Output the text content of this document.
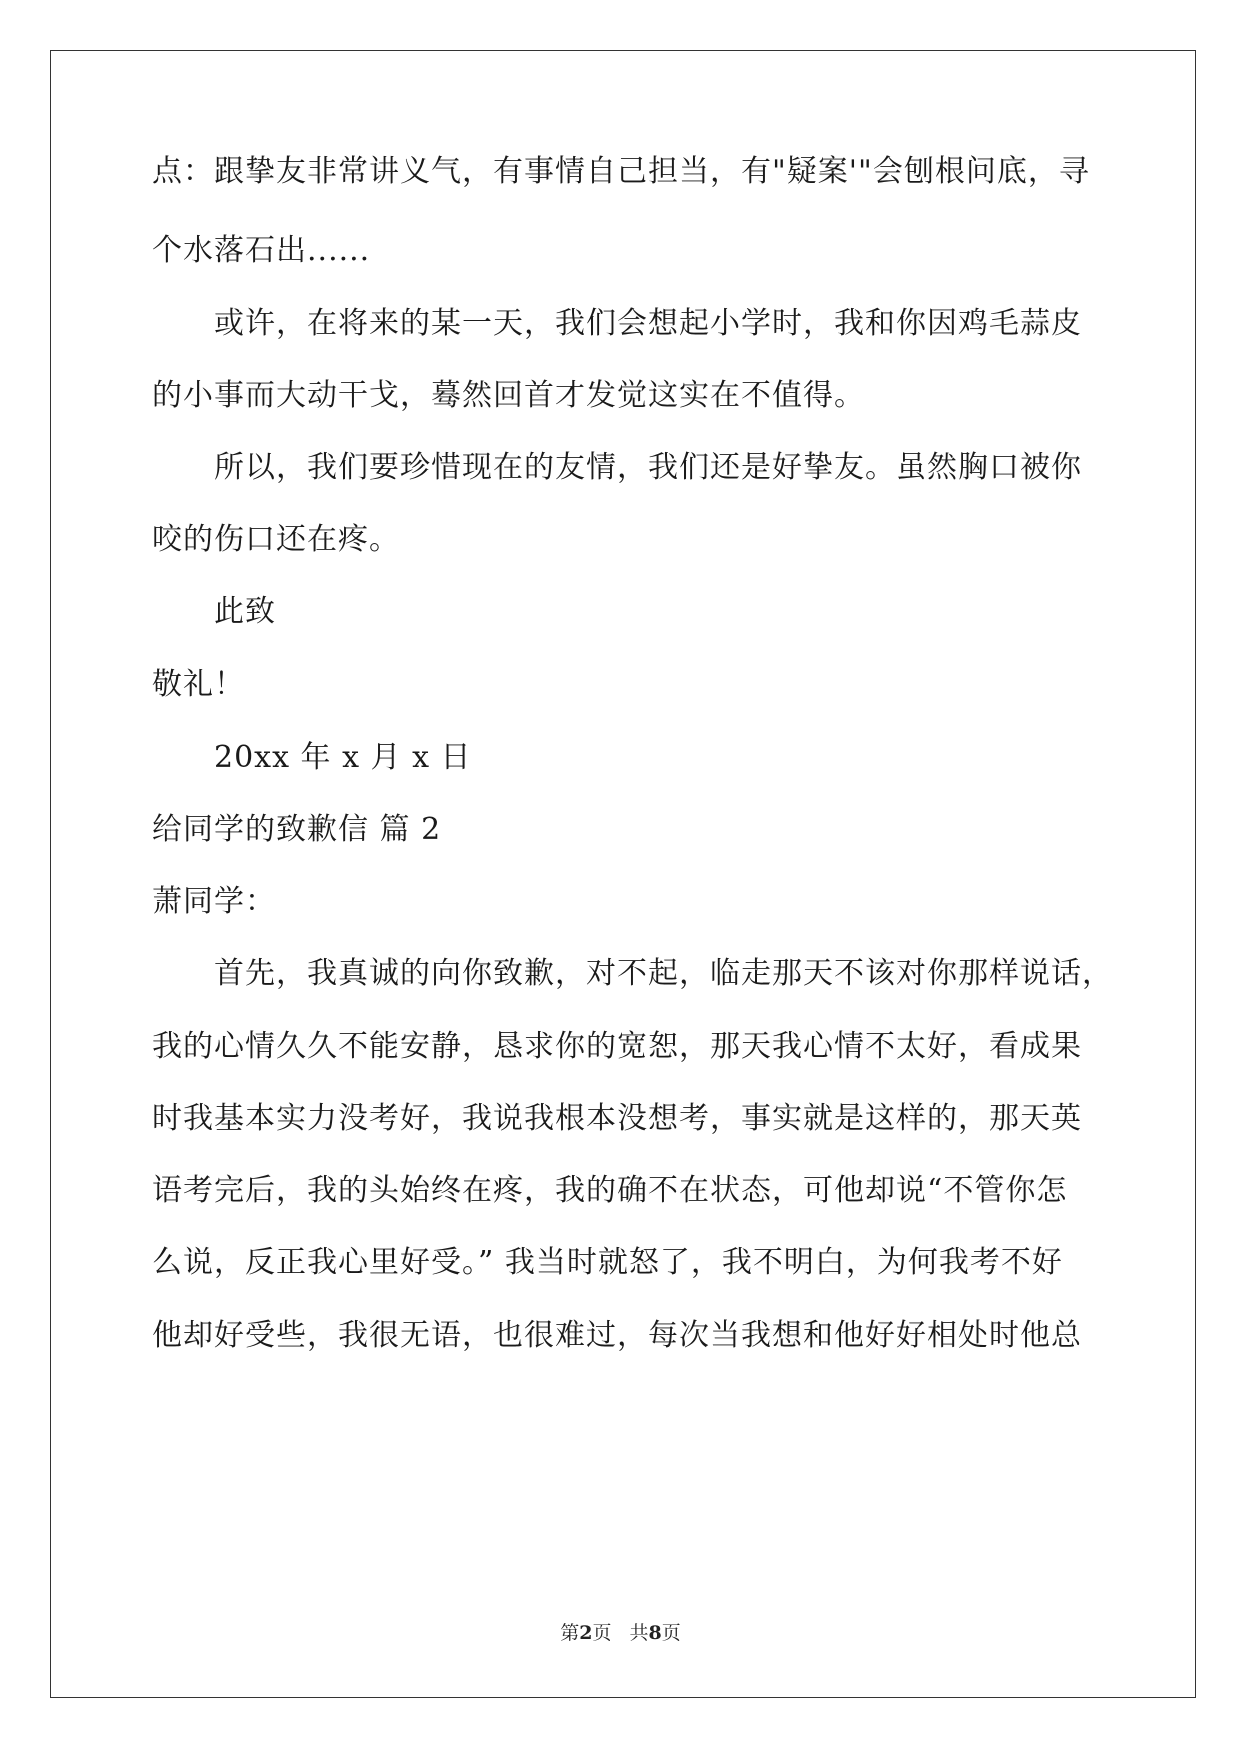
点：跟挚友非常讲义气，有事情自己担当，有"疑案'"会刨根问底，寻
个水落石出......
或许，在将来的某一天，我们会想起小学时，我和你因鸡毛蒜皮
的小事而大动干戈，蓦然回首才发觉这实在不值得。
所以，我们要珍惜现在的友情，我们还是好挚友。虽然胸口被你
咬的伤口还在疼。
此致
敬礼！
20xx 年 x 月 x 日
给同学的致歉信 篇 2
萧同学：
首先，我真诚的向你致歉，对不起，临走那天不该对你那样说话，
我的心情久久不能安静，恳求你的宽恕，那天我心情不太好，看成果
时我基本实力没考好，我说我根本没想考，事实就是这样的，那天英
语考完后，我的头始终在疼，我的确不在状态，可他却说“不管你怎
么说，反正我心里好受。” 我当时就怒了，我不明白，为何我考不好
他却好受些，我很无语，也很难过，每次当我想和他好好相处时他总
第2页 共8页
